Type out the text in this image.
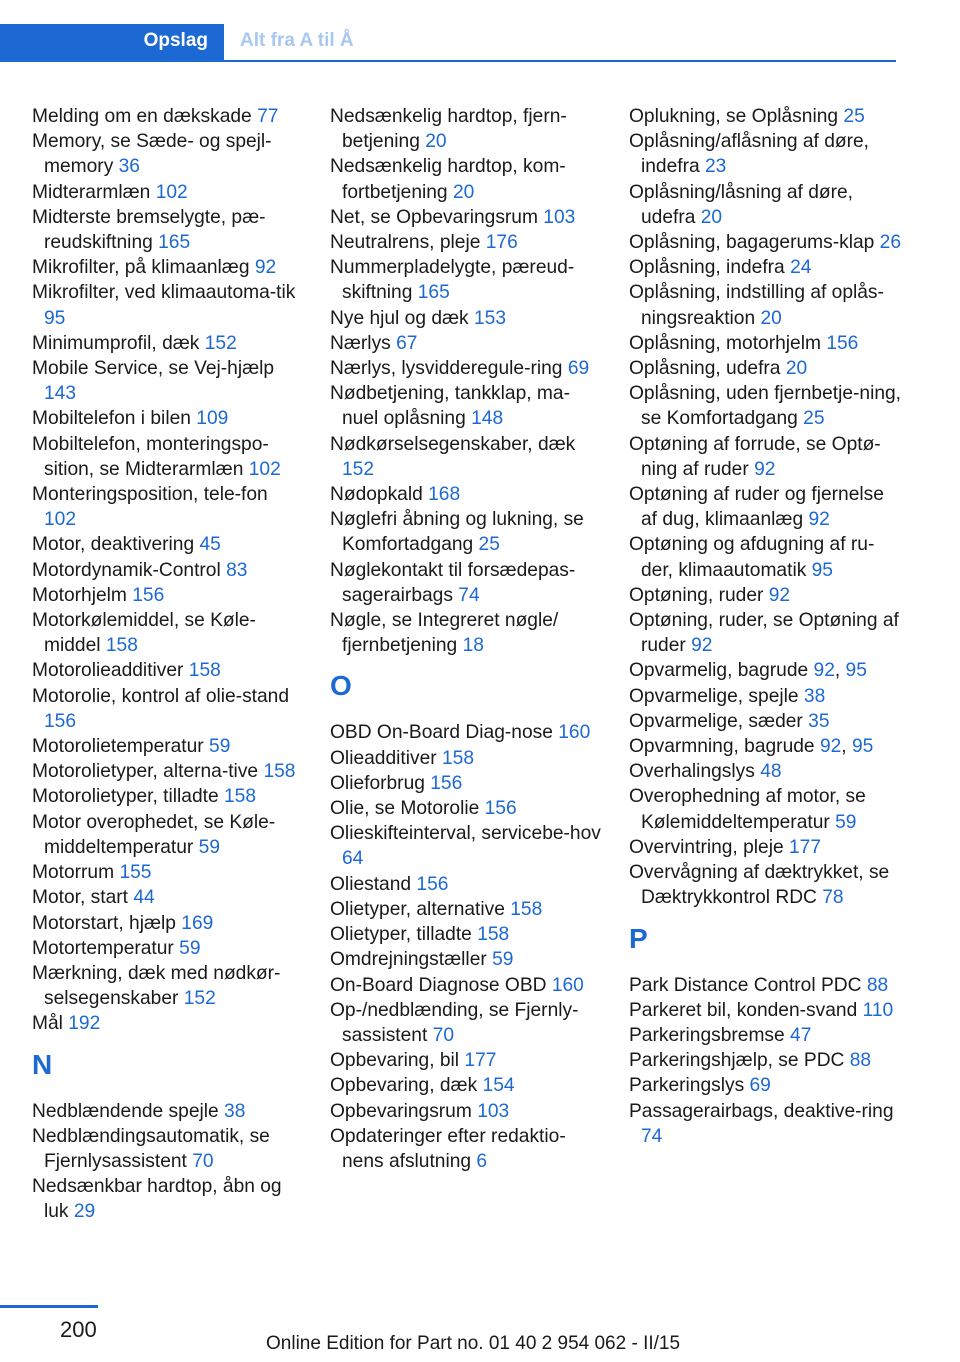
Opslag Alt fra A til Å
Melding om en dækskade 77
Memory, se Sæde- og spejl-memory 36
Midterarmlæn 102
Midterste bremselygte, pæ-reudskiftning 165
Mikrofilter, på klimaanlæg 92
Mikrofilter, ved klimaautoma-tik 95
Minimumprofil, dæk 152
Mobile Service, se Vej-hjælp 143
Mobiltelefon i bilen 109
Mobiltelefon, monteringspo-sition, se Midterarmlæn 102
Monteringsposition, tele-fon 102
Motor, deaktivering 45
Motordynamik-Control 83
Motorhjelm 156
Motorkølemiddel, se Køle-middel 158
Motorolieadditiver 158
Motorolie, kontrol af olie-stand 156
Motorolietemperatur 59
Motorolietyper, alterna-tive 158
Motorolietyper, tilladte 158
Motor overophedet, se Køle-middeltemperatur 59
Motorrum 155
Motor, start 44
Motorstart, hjælp 169
Motortemperatur 59
Mærkning, dæk med nødkør-selsegenskaber 152
Mål 192
N
Nedblændende spejle 38
Nedblændingsautomatik, se Fjernlysassistent 70
Nedsænkbar hardtop, åbn og luk 29
Nedsænkelig hardtop, fjern-betjening 20
Nedsænkelig hardtop, kom-fortbetjening 20
Net, se Opbevaringsrum 103
Neutralrens, pleje 176
Nummerpladelygte, pæreud-skiftning 165
Nye hjul og dæk 153
Nærlys 67
Nærlys, lysvidderegule-ring 69
Nødbetjening, tankklap, ma-nuel oplåsning 148
Nødkørselsegenskaber, dæk 152
Nødopkald 168
Nøglefri åbning og lukning, se Komfortadgang 25
Nøglekontakt til forsædepas-sagerairbags 74
Nøgle, se Integreret nøgle/ fjernbetjening 18
O
OBD On-Board Diag-nose 160
Olieadditiver 158
Olieforbrug 156
Olie, se Motorolie 156
Olieskifteinterval, servicebe-hov 64
Oliestand 156
Olietyper, alternative 158
Olietyper, tilladte 158
Omdrejningstæller 59
On-Board Diagnose OBD 160
Op-/nedblænding, se Fjernly-sassistent 70
Opbevaring, bil 177
Opbevaring, dæk 154
Opbevaringsrum 103
Opdateringer efter redaktio-nens afslutning 6
Oplukning, se Oplåsning 25
Oplåsning/aflåsning af døre, indefra 23
Oplåsning/låsning af døre, udefra 20
Oplåsning, bagagerums-klap 26
Oplåsning, indefra 24
Oplåsning, indstilling af oplås-ningsreaktion 20
Oplåsning, motorhjelm 156
Oplåsning, udefra 20
Oplåsning, uden fjernbetje-ning, se Komfortadgang 25
Optøning af forrude, se Optø-ning af ruder 92
Optøning af ruder og fjernelse af dug, klimaanlæg 92
Optøning og afdugning af ru-der, klimaautomatik 95
Optøning, ruder 92
Optøning, ruder, se Optøning af ruder 92
Opvarmelig, bagrude 92, 95
Opvarmelige, spejle 38
Opvarmelige, sæder 35
Opvarmning, bagrude 92, 95
Overhalingslys 48
Overophedning af motor, se Kølemiddeltemperatur 59
Overvintring, pleje 177
Overvågning af dæktrykket, se Dæktrykkontrol RDC 78
P
Park Distance Control PDC 88
Parkeret bil, konden-svand 110
Parkeringsbremse 47
Parkeringshjælp, se PDC 88
Parkeringslys 69
Passagerairbags, deaktive-ring 74
200
Online Edition for Part no. 01 40 2 954 062 - II/15
